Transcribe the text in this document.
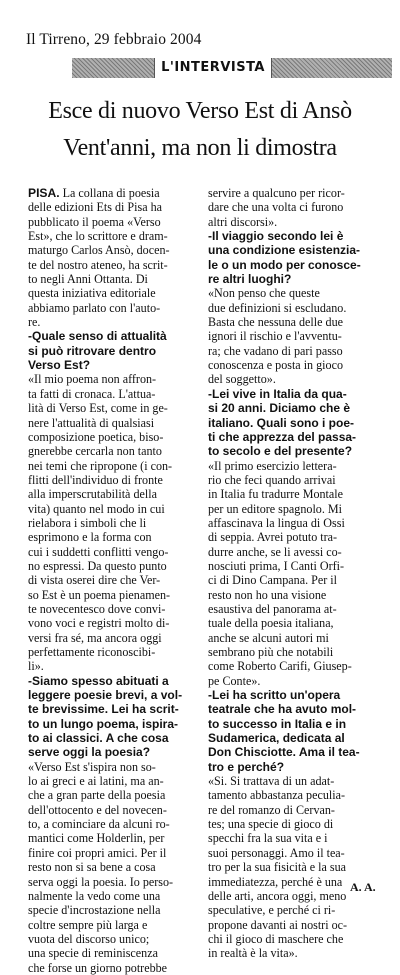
Il Tirreno, 29 febbraio 2004
L'INTERVISTA
Esce di nuovo Verso Est di Ansò
Vent'anni, ma non li dimostra
PISA. La collana di poesia
delle edizioni Ets di Pisa ha
pubblicato il poema «Verso
Est», che lo scrittore e dram-
maturgo Carlos Ansò, docen-
te del nostro ateneo, ha scrit-
to negli Anni Ottanta. Di
questa iniziativa editoriale
abbiamo parlato con l'auto-
re.
-Quale senso di attualità
si può ritrovare dentro
Verso Est?
«Il mio poema non affron-
ta fatti di cronaca. L'attua-
lità di Verso Est, come in ge-
nere l'attualità di qualsiasi
composizione poetica, biso-
gnerebbe cercarla non tanto
nei temi che ripropone (i con-
flitti dell'individuo di fronte
alla imperscrutabilità della
vita) quanto nel modo in cui
rielabora i simboli che li
esprimono e la forma con
cui i suddetti conflitti vengo-
no espressi. Da questo punto
di vista oserei dire che Ver-
so Est è un poema pienamen-
te novecentesco dove convi-
vono voci e registri molto di-
versi fra sé, ma ancora oggi
perfettamente riconoscibi-
li».
-Siamo spesso abituati a
leggere poesie brevi, a vol-
te brevissime. Lei ha scrit-
to un lungo poema, ispira-
to ai classici. A che cosa
serve oggi la poesia?
«Verso Est s'ispira non so-
lo ai greci e ai latini, ma an-
che a gran parte della poesia
dell'ottocento e del novecen-
to, a cominciare da alcuni ro-
mantici come Holderlin, per
finire coi propri amici. Per il
resto non si sa bene a cosa
serva oggi la poesia. Io perso-
nalmente la vedo come una
specie d'incrostazione nella
coltre sempre più larga e
vuota del discorso unico;
una specie di reminiscenza
che forse un giorno potrebbe
servire a qualcuno per ricor-
dare che una volta ci furono
altri discorsi».
-Il viaggio secondo lei è
una condizione esistenzia-
le o un modo per conosce-
re altri luoghi?
«Non penso che queste
due definizioni si escludano.
Basta che nessuna delle due
ignori il rischio e l'avventu-
ra; che vadano di pari passo
conoscenza e posta in gioco
del soggetto».
-Lei vive in Italia da qua-
si 20 anni. Diciamo che è
italiano. Quali sono i poe-
ti che apprezza del passa-
to secolo e del presente?
«Il primo esercizio lettera-
rio che feci quando arrivai
in Italia fu tradurre Montale
per un editore spagnolo. Mi
affascinava la lingua di Ossi
di seppia. Avrei potuto tra-
durre anche, se li avessi co-
nosciuti prima, I Canti Orfi-
ci di Dino Campana. Per il
resto non ho una visione
esaustiva del panorama at-
tuale della poesia italiana,
anche se alcuni autori mi
sembrano più che notabili
come Roberto Carifi, Giusep-
pe Conte».
-Lei ha scritto un'opera
teatrale che ha avuto mol-
to successo in Italia e in
Sudamerica, dedicata al
Don Chisciotte. Ama il tea-
tro e perché?
«Si. Si trattava di un adat-
tamento abbastanza peculia-
re del romanzo di Cervan-
tes; una specie di gioco di
specchi fra la sua vita e i
suoi personaggi. Amo il tea-
tro per la sua fisicità e la sua
immediatezza, perché è una
delle arti, ancora oggi, meno
speculative, e perché ci ri-
propone davanti ai nostri oc-
chi il gioco di maschere che
in realtà è la vita».
A. A.
